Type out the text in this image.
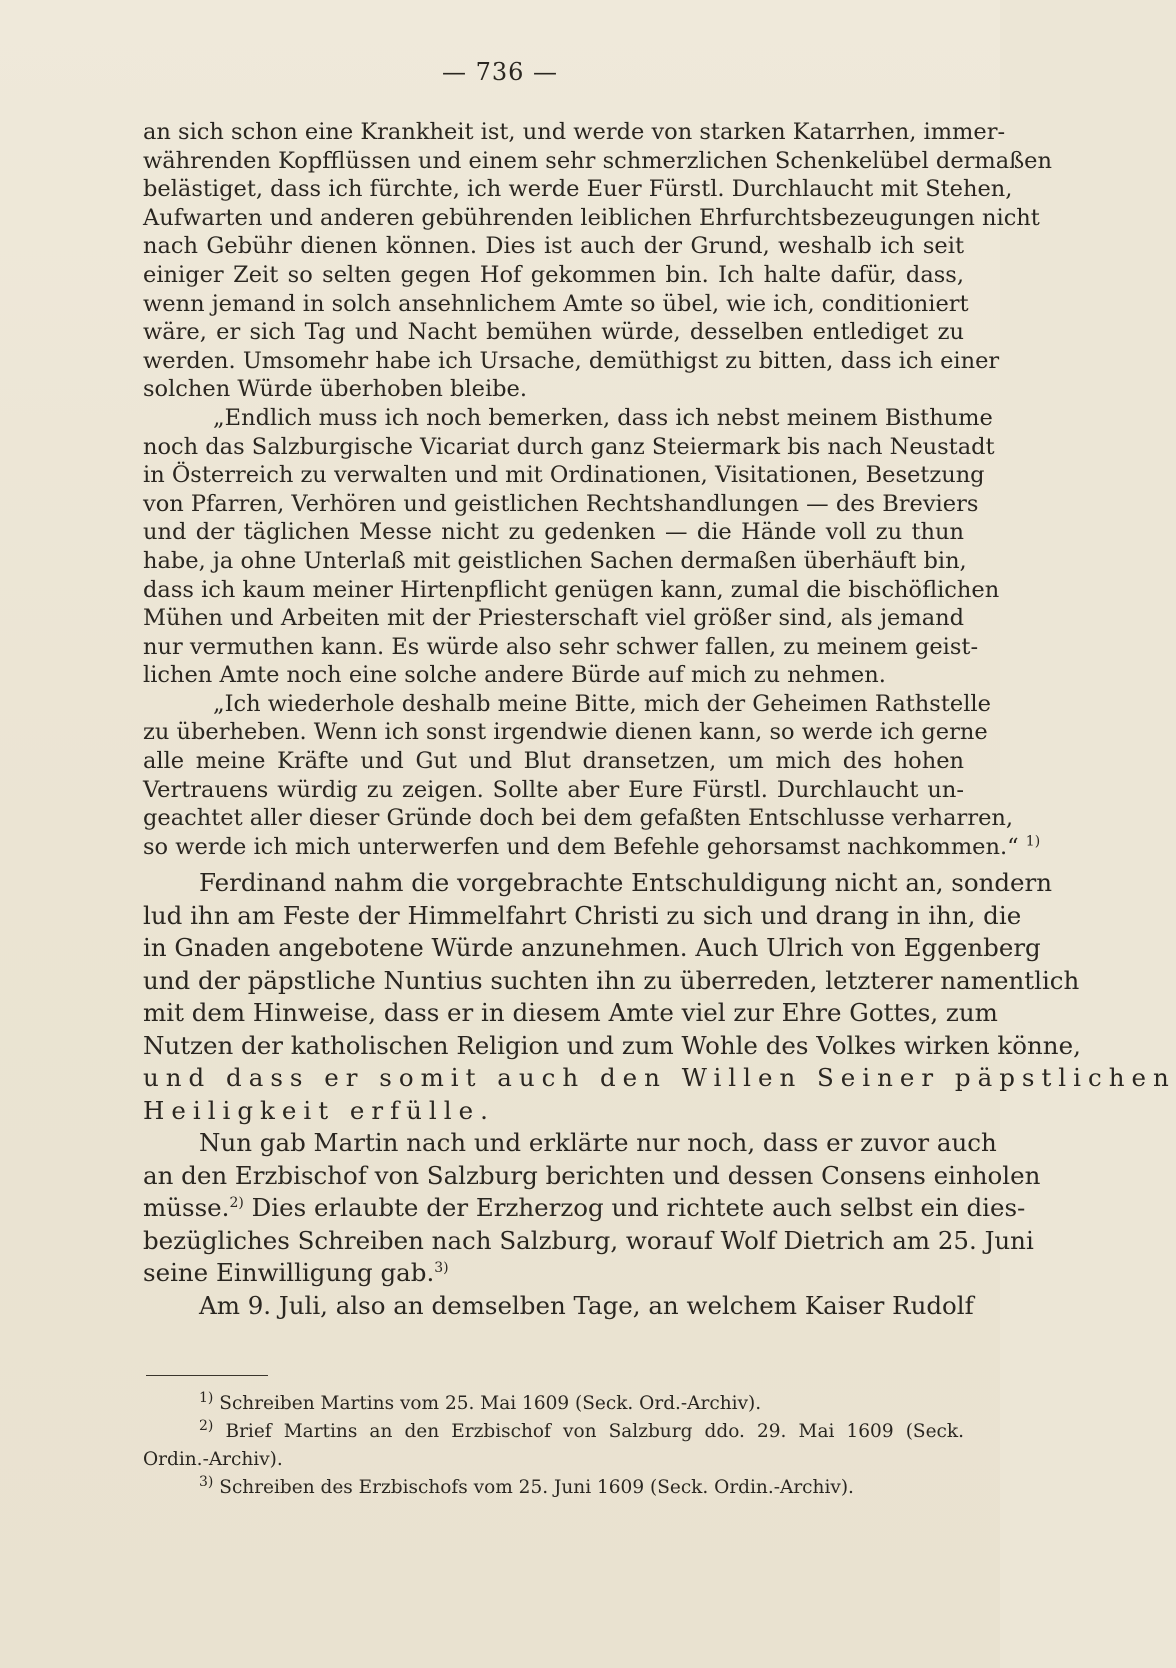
— 736 —
an sich schon eine Krankheit ist, und werde von starken Katarrhen, immer-
währenden Kopfflüssen und einem sehr schmerzlichen Schenkelübel dermaßen
belästiget, dass ich fürchte, ich werde Euer Fürstl. Durchlaucht mit Stehen,
Aufwarten und anderen gebührenden leiblichen Ehrfurchtsbezeugungen nicht
nach Gebühr dienen können. Dies ist auch der Grund, weshalb ich seit
einiger Zeit so selten gegen Hof gekommen bin. Ich halte dafür, dass,
wenn jemand in solch ansehnlichem Amte so übel, wie ich, conditioniert
wäre, er sich Tag und Nacht bemühen würde, desselben entlediget zu
werden. Umsomehr habe ich Ursache, demüthigst zu bitten, dass ich einer
solchen Würde überhoben bleibe.
„Endlich muss ich noch bemerken, dass ich nebst meinem Bisthume
noch das Salzburgische Vicariat durch ganz Steiermark bis nach Neustadt
in Österreich zu verwalten und mit Ordinationen, Visitationen, Besetzung
von Pfarren, Verhören und geistlichen Rechtshandlungen — des Breviers
und der täglichen Messe nicht zu gedenken — die Hände voll zu thun
habe, ja ohne Unterlaß mit geistlichen Sachen dermaßen überhäuft bin,
dass ich kaum meiner Hirtenpflicht genügen kann, zumal die bischöflichen
Mühen und Arbeiten mit der Priesterschaft viel größer sind, als jemand
nur vermuthen kann. Es würde also sehr schwer fallen, zu meinem geist-
lichen Amte noch eine solche andere Bürde auf mich zu nehmen.
„Ich wiederhole deshalb meine Bitte, mich der Geheimen Rathstelle
zu überheben. Wenn ich sonst irgendwie dienen kann, so werde ich gerne
alle meine Kräfte und Gut und Blut dransetzen, um mich des hohen
Vertrauens würdig zu zeigen. Sollte aber Eure Fürstl. Durchlaucht un-
geachtet aller dieser Gründe doch bei dem gefaßten Entschlusse verharren,
so werde ich mich unterwerfen und dem Befehle gehorsamst nachkommen.“ $^{1)}$
Ferdinand nahm die vorgebrachte Entschuldigung nicht an, sondern
lud ihn am Feste der Himmelfahrt Christi zu sich und drang in ihn, die
in Gnaden angebotene Würde anzunehmen. Auch Ulrich von Eggenberg
und der päpstliche Nuntius suchten ihn zu überreden, letzterer namentlich
mit dem Hinweise, dass er in diesem Amte viel zur Ehre Gottes, zum
Nutzen der katholischen Religion und zum Wohle des Volkes wirken könne,
und dass er somit auch den Willen Seiner päpstlichen
Heiligkeit erfülle.
Nun gab Martin nach und erklärte nur noch, dass er zuvor auch
an den Erzbischof von Salzburg berichten und dessen Consens einholen
müsse.$^{2)}$ Dies erlaubte der Erzherzog und richtete auch selbst ein dies-
bezügliches Schreiben nach Salzburg, worauf Wolf Dietrich am 25. Juni
seine Einwilligung gab.$^{3)}$
Am 9. Juli, also an demselben Tage, an welchem Kaiser Rudolf
$^{1)}$ Schreiben Martins vom 25. Mai 1609 (Seck. Ord.-Archiv).
$^{2)}$ Brief Martins an den Erzbischof von Salzburg ddo. 29. Mai 1609 (Seck.
Ordin.-Archiv).
$^{3)}$ Schreiben des Erzbischofs vom 25. Juni 1609 (Seck. Ordin.-Archiv).
